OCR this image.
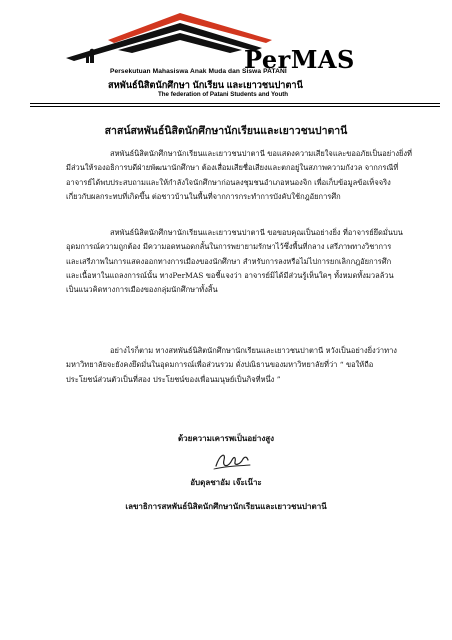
PerMAS
Persekutuan Mahasiswa Anak Muda dan Siswa PATANI
สหพันธ์นิสิตนักศึกษา นักเรียน และเยาวชนปาตานี
The federation of Patani Students and Youth
สาสน์สหพันธ์นิสิตนักศึกษานักเรียนและเยาวชนปาตานี
สหพันธ์นิสิตนักศึกษานักเรียนและเยาวชนปาตานี ขอแสดงความเสียใจและขออภัยเป็นอย่างยิ่งที่
มีส่วนให้รองอธิการบดีฝ่ายพัฒนานักศึกษา ต้องเสื่อมเสียชื่อเสียงและตกอยู่ในสภาพความกังวล จากกรณีที่
อาจารย์ได้พบประสบถามและให้กำลังใจนักศึกษาก่อนลงชุมชนอำเภอหนองจิก เพื่อเก็บข้อมูลข้อเท็จจริง
เกี่ยวกับผลกระทบที่เกิดขึ้น ต่อชาวบ้านในพื้นที่จากการกระทำการบังคับใช้กฎอัยการศึก
สหพันธ์นิสิตนักศึกษานักเรียนและเยาวชนปาตานี ขอขอบคุณเป็นอย่างยิ่ง ที่อาจารย์ยึดมั่นบน
อุดมการณ์ความถูกต้อง มีความอดทนอดกลั้นในการพยายามรักษาไว้ซึ่งพื้นที่กลาง เสรีภาพทางวิชาการ
และเสรีภาพในการแสดงออกทางการเมืองของนักศึกษา สำหรับการลงหรือไม่ไปการยกเลิกกฎอัยการศึก
และเนื้อหาในแถลงการณ์นั้น ทางPerMAS ขอชี้แจงว่า อาจารย์มิได้มีส่วนรู้เห็นใดๆ ทั้งหมดทั้งมวลล้วน
เป็นแนวคิดทางการเมืองของกลุ่มนักศึกษาทั้งสิ้น
อย่างไรก็ตาม ทางสหพันธ์นิสิตนักศึกษานักเรียนและเยาวชนปาตานี หวังเป็นอย่างยิ่งว่าทาง
มหาวิทยาลัยจะยังคงยึดมั่นในอุดมการณ์เพื่อส่วนรวม ดั่งปณิธานของมหาวิทยาลัยที่ว่า “ ขอให้ถือ
ประโยชน์ส่วนตัวเป็นที่สอง ประโยชน์ของเพื่อนมนุษย์เป็นกิจที่หนึ่ง ”
ด้วยความเคารพเป็นอย่างสูง
อับดุลชาอัม เจ๊ะเน๊าะ
เลขาธิการสหพันธ์นิสิตนักศึกษานักเรียนและเยาวชนปาตานี
